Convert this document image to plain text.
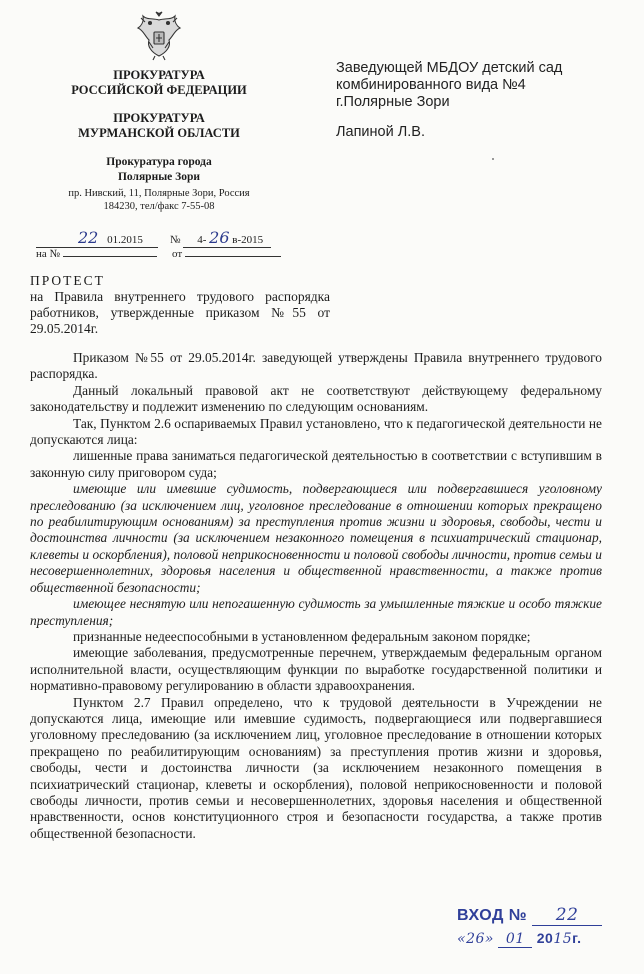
ПРОКУРАТУРА
РОССИЙСКОЙ ФЕДЕРАЦИИ
ПРОКУРАТУРА
МУРМАНСКОЙ ОБЛАСТИ
Прокуратура города
Полярные Зори
пр. Нивский, 11, Полярные Зори, Россия
184230, тел/факс 7-55-08
Заведующей МБДОУ детский сад
комбинированного вида №4
г.Полярные Зори
Лапиной Л.В.
22 01.2015	№ 4- 26 в-2015
на №	от
ПРОТЕСТ
на Правила внутреннего трудового распорядка работников, утвержденные приказом №55 от 29.05.2014г.

Приказом №55 от 29.05.2014г. заведующей утверждены Правила внутреннего трудового распорядка.

Данный локальный правовой акт не соответствуют действующему федеральному законодательству и подлежит изменению по следующим основаниям.

Так, Пунктом 2.6 оспариваемых Правил установлено, что к педагогической деятельности не допускаются лица:

лишенные права заниматься педагогической деятельностью в соответствии с вступившим в законную силу приговором суда;

имеющие или имевшие судимость, подвергающиеся или подвергавшиеся уголовному преследованию (за исключением лиц, уголовное преследование в отношении которых прекращено по реабилитирующим основаниям) за преступления против жизни и здоровья, свободы, чести и достоинства личности (за исключением незаконного помещения в психиатрический стационар, клеветы и оскорбления), половой неприкосновенности и половой свободы личности, против семьи и несовершеннолетних, здоровья населения и общественной нравственности, а также против общественной безопасности;

имеющее неснятую или непогашенную судимость за умышленные тяжкие и особо тяжкие преступления;

признанные недееспособными в установленном федеральным законом порядке;

имеющие заболевания, предусмотренные перечнем, утверждаемым федеральным органом исполнительной власти, осуществляющим функции по выработке государственной политики и нормативно-правовому регулированию в области здравоохранения.

Пунктом 2.7 Правил определено, что к трудовой деятельности в Учреждении не допускаются лица, имеющие или имевшие судимость, подвергающиеся или подвергавшиеся уголовному преследованию (за исключением лиц, уголовное преследование в отношении которых прекращено по реабилитирующим основаниям) за преступления против жизни и здоровья, свободы, чести и достоинства личности (за исключением незаконного помещения в психиатрический стационар, клеветы и оскорбления), половой неприкосновенности и половой свободы личности, против семьи и несовершеннолетних, здоровья населения и общественной нравственности, основ конституционного строя и безопасности государства, а также против общественной безопасности.

ВХОД № 22
«26» 01 2015г.
